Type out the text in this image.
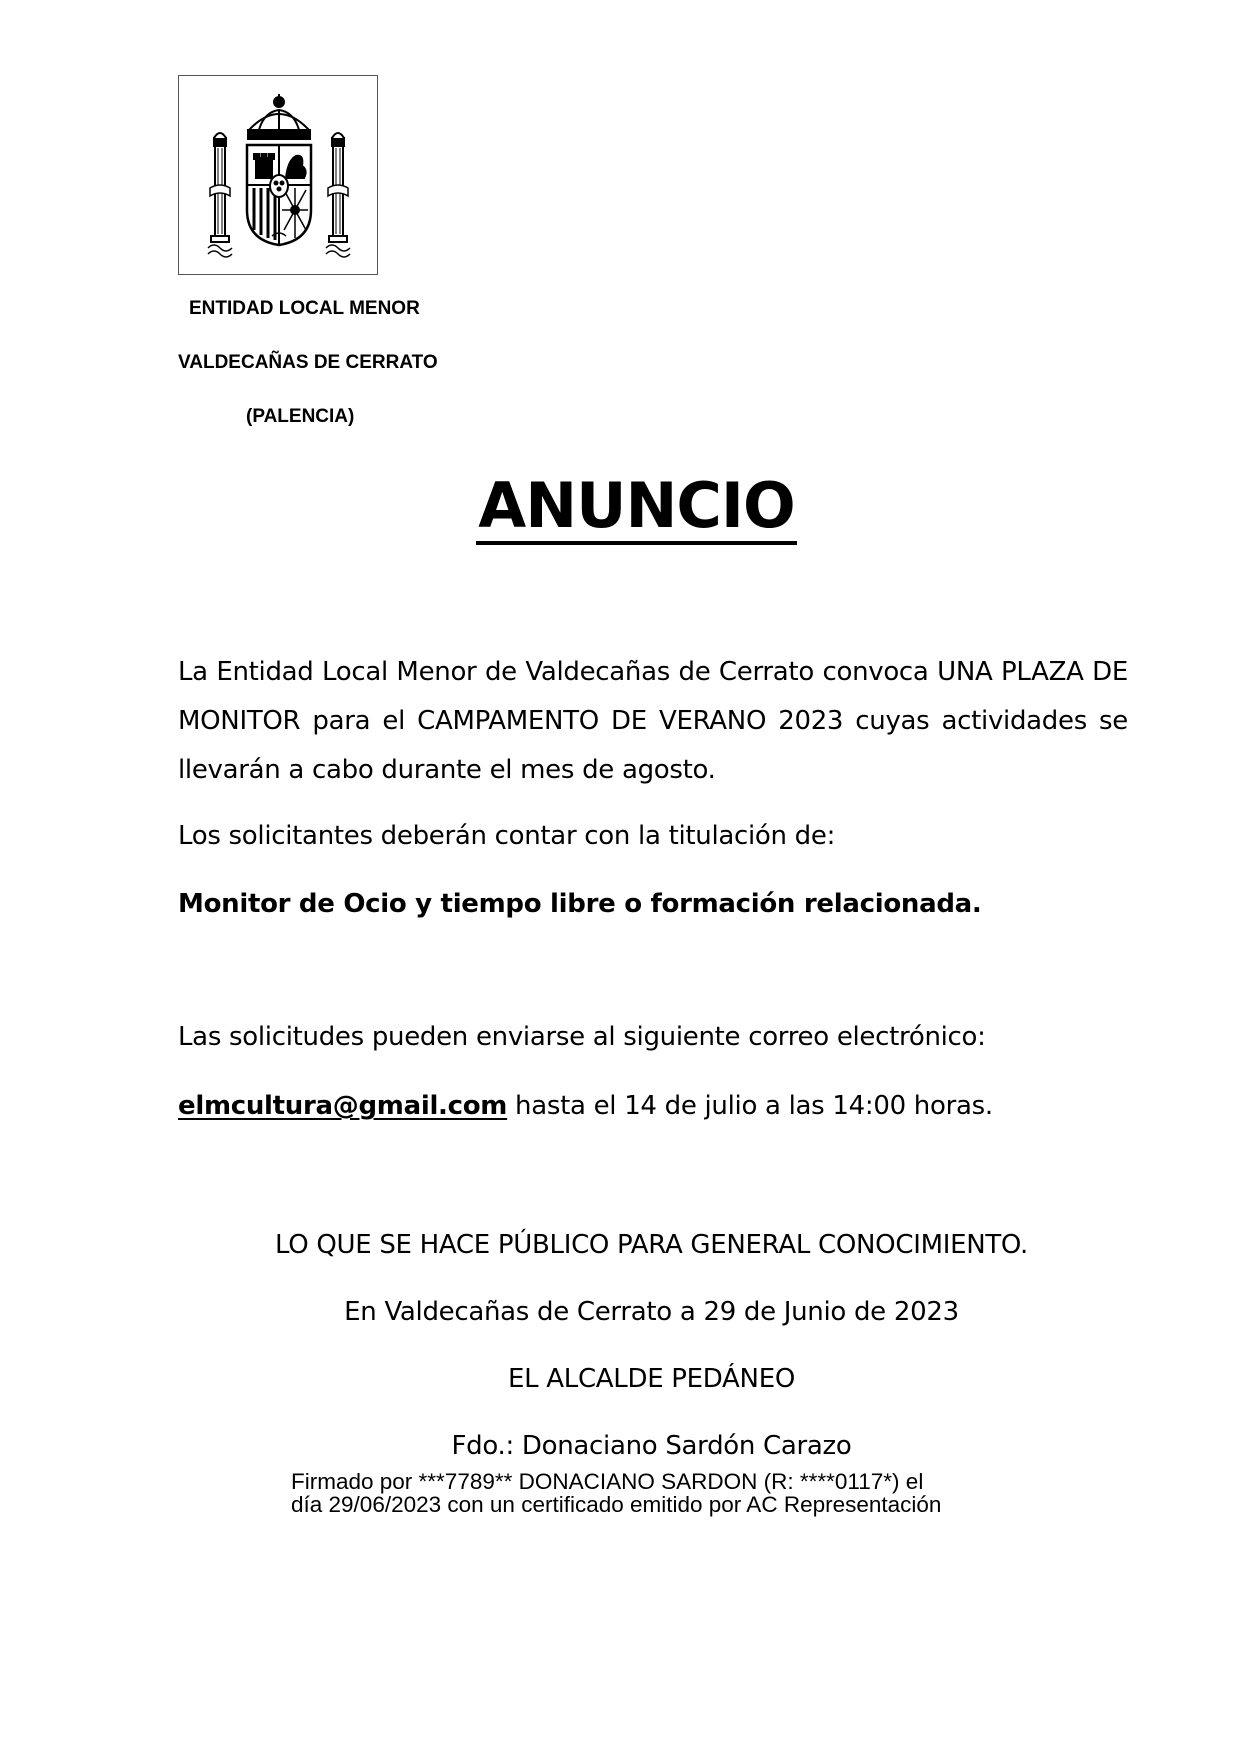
ENTIDAD LOCAL MENOR
VALDECAÑAS DE CERRATO
(PALENCIA)
ANUNCIO
La Entidad Local Menor de Valdecañas de Cerrato convoca UNA PLAZA DE MONITOR para el CAMPAMENTO DE VERANO 2023 cuyas actividades se llevarán a cabo durante el mes de agosto.
Los solicitantes deberán contar con la titulación de:
Monitor de Ocio y tiempo libre o formación relacionada.
Las solicitudes pueden enviarse al siguiente correo electrónico:
elmcultura@gmail.com hasta el 14 de julio a las 14:00 horas.
LO QUE SE HACE PÚBLICO PARA GENERAL CONOCIMIENTO.
En Valdecañas de Cerrato a 29 de Junio de 2023
EL ALCALDE PEDÁNEO
Fdo.: Donaciano Sardón Carazo
Firmado por ***7789** DONACIANO SARDON (R: ****0117*) el
día 29/06/2023 con un certificado emitido por AC Representación
